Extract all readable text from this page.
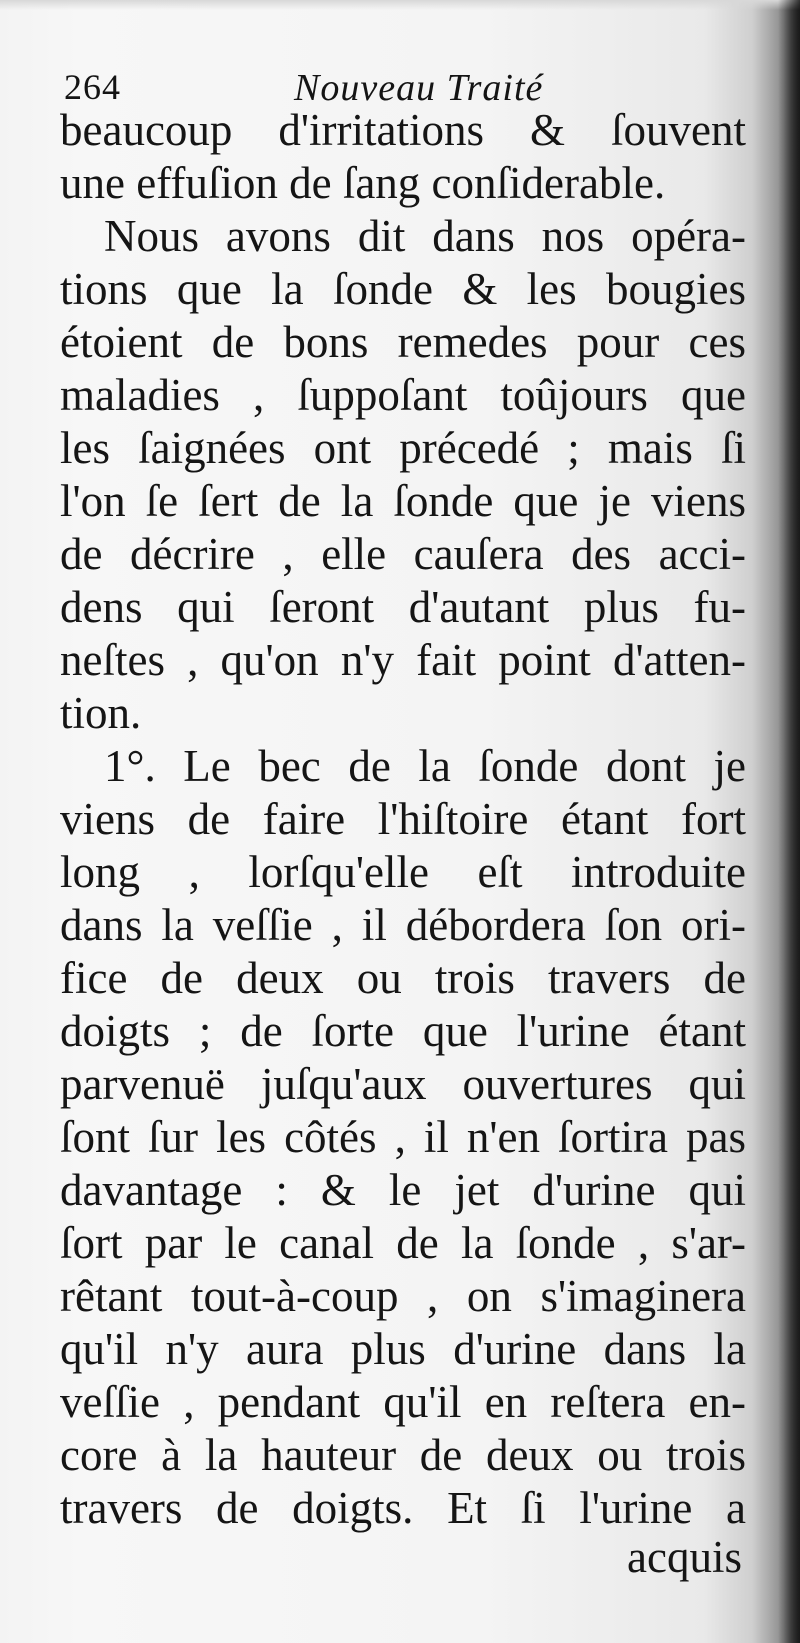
264	Nouveau Traité
beaucoup d'irritations & ſouvent
une effuſion de ſang conſiderable.
Nous avons dit dans nos opéra-
tions que la ſonde & les bougies
étoient de bons remedes pour ces
maladies , ſuppoſant toûjours que
les ſaignées ont précedé ; mais ſi
l'on ſe ſert de la ſonde que je viens
de décrire , elle cauſera des acci-
dens qui ſeront d'autant plus fu-
neſtes , qu'on n'y fait point d'atten-
tion.
1°. Le bec de la ſonde dont je
viens de faire l'hiſtoire étant fort
long , lorſqu'elle eſt introduite
dans la veſſie , il débordera ſon ori-
fice de deux ou trois travers de
doigts ; de ſorte que l'urine étant
parvenuë juſqu'aux ouvertures qui
ſont ſur les côtés , il n'en ſortira pas
davantage : & le jet d'urine qui
ſort par le canal de la ſonde , s'ar-
rêtant tout-à-coup , on s'imaginera
qu'il n'y aura plus d'urine dans la
veſſie , pendant qu'il en reſtera en-
core à la hauteur de deux ou trois
travers de doigts. Et ſi l'urine a
acquis
